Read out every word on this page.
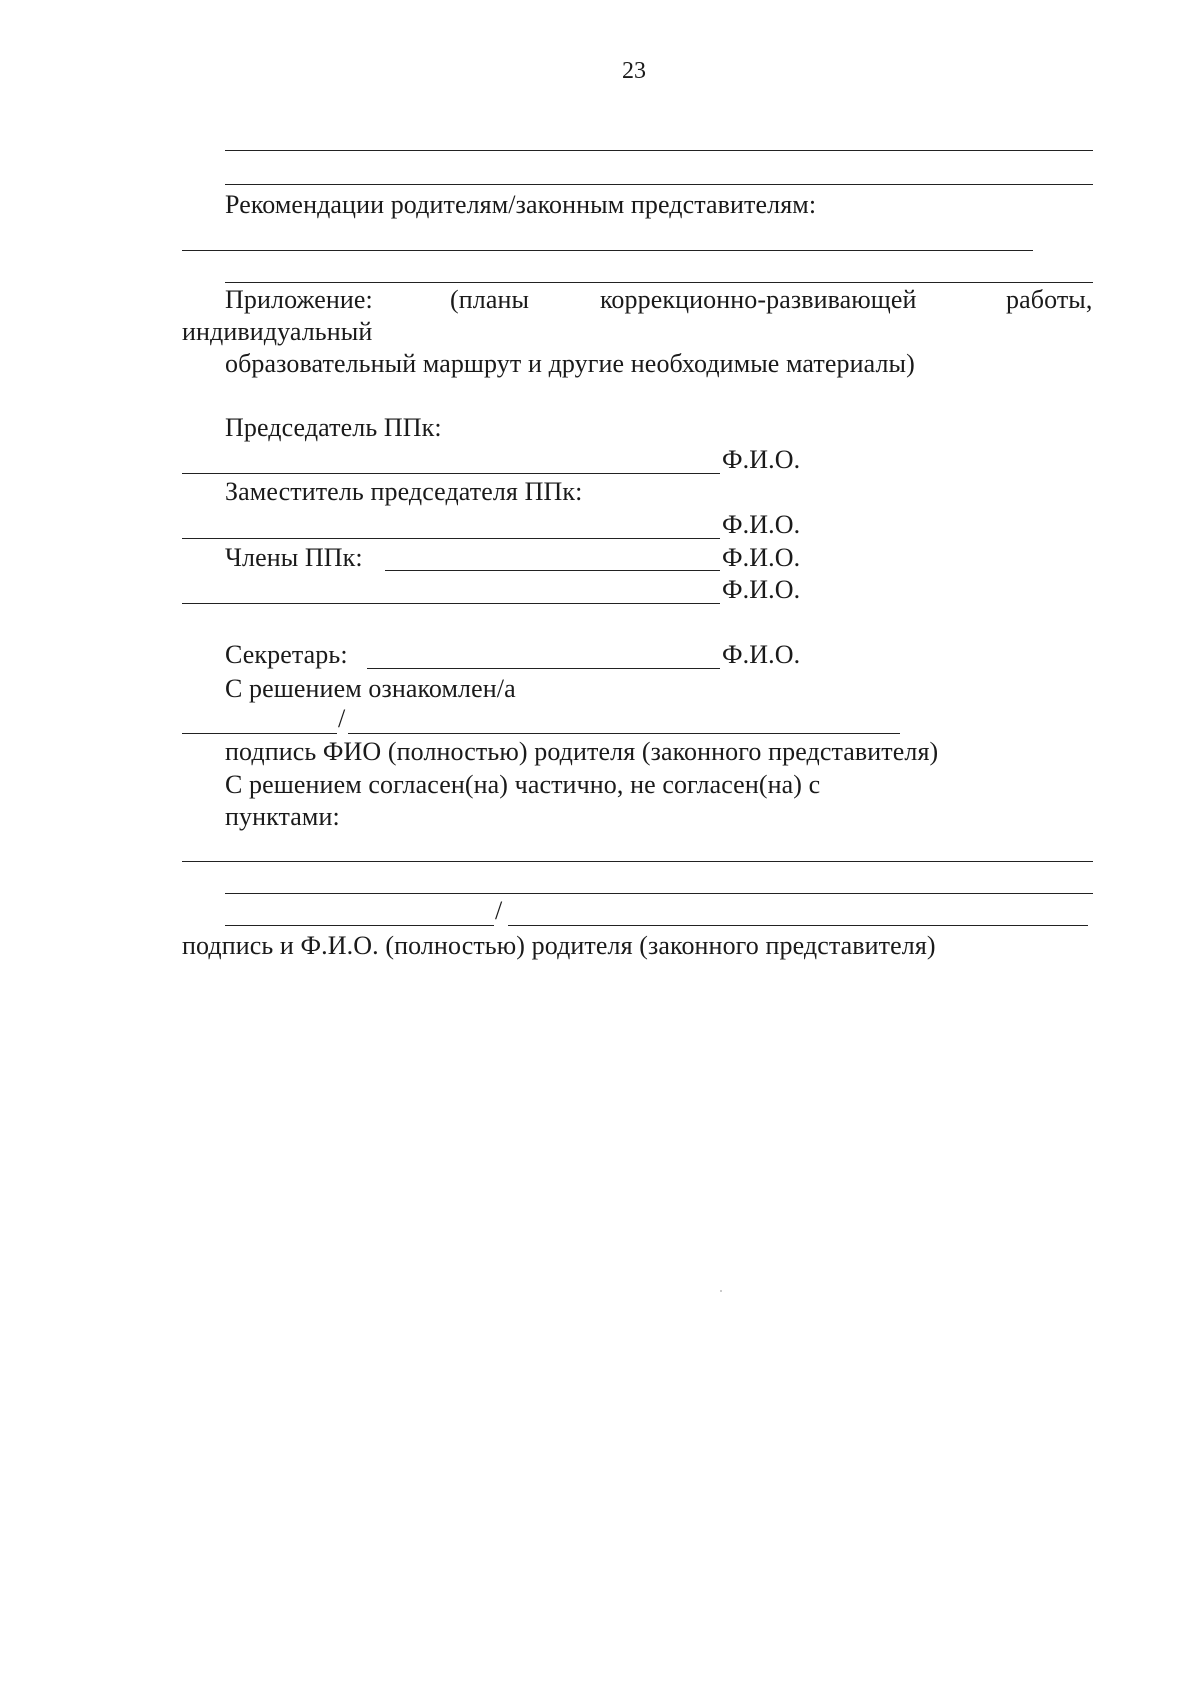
23
Рекомендации родителям/законным представителям:
Приложение:	(планы	коррекционно-развивающей	работы,
индивидуальный
образовательный маршрут и другие необходимые материалы)
Председатель ППк:
Ф.И.О.
Заместитель председателя ППк:
Ф.И.О.
Члены ППк:	Ф.И.О.
Ф.И.О.
Секретарь:	Ф.И.О.
С решением ознакомлен/а
/
подпись ФИО (полностью) родителя (законного представителя)
С решением согласен(на) частично, не согласен(на) с
пунктами:
/
подпись и Ф.И.О. (полностью) родителя (законного представителя)
